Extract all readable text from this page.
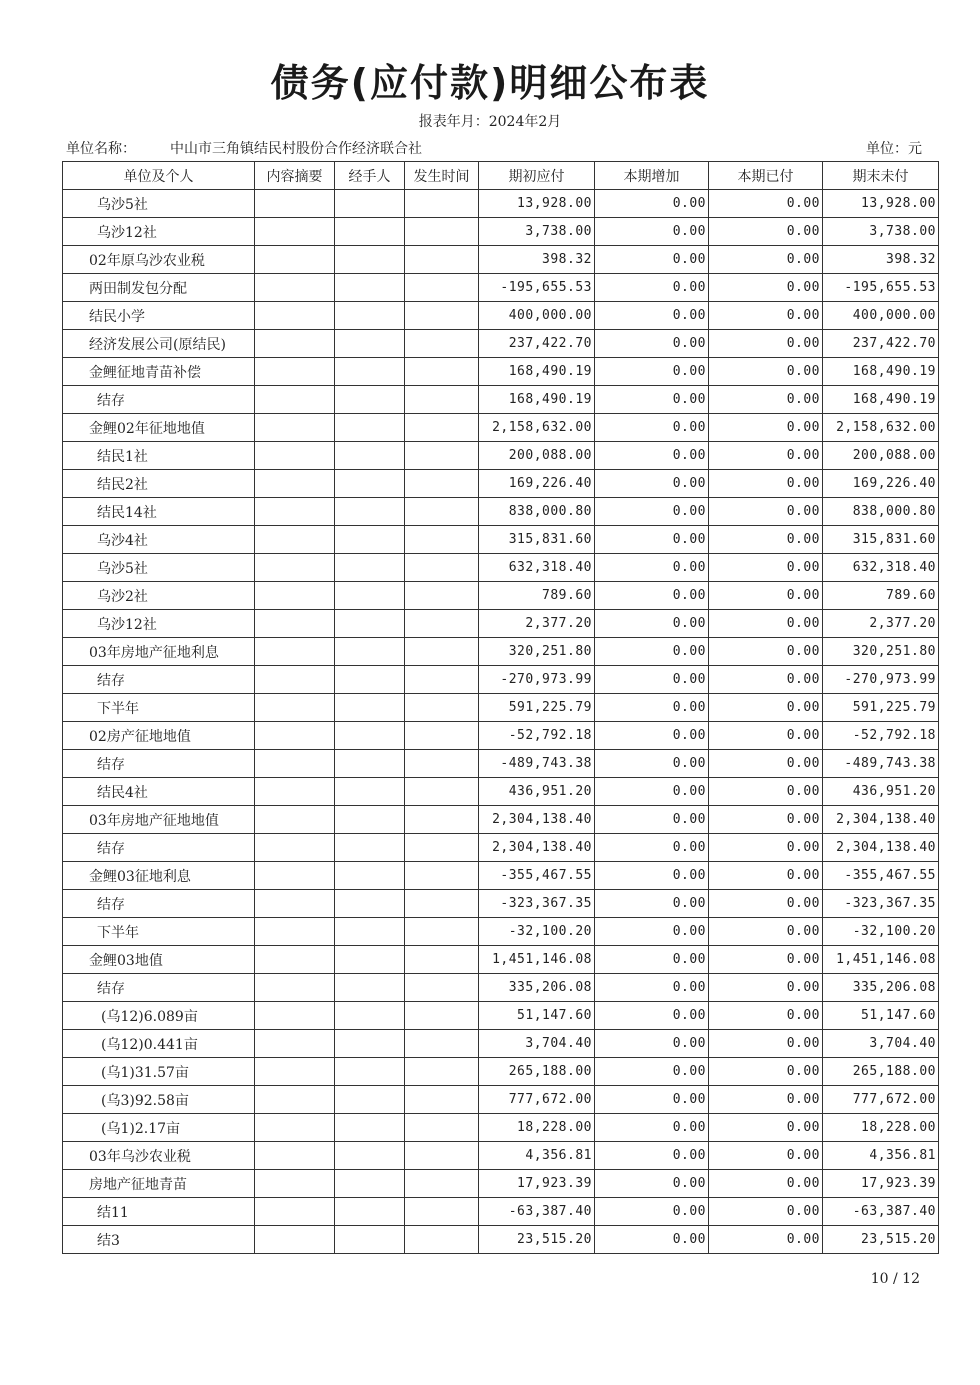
债务(应付款)明细公布表
报表年月：2024年2月
单位名称： 中山市三角镇结民村股份合作经济联合社	单位：元
单位及个人	内容摘要	经手人	发生时间	期初应付	本期增加	本期已付	期末未付
乌沙5社				13,928.00	0.00	0.00	13,928.00
乌沙12社				3,738.00	0.00	0.00	3,738.00
02年原乌沙农业税				398.32	0.00	0.00	398.32
两田制发包分配				-195,655.53	0.00	0.00	-195,655.53
结民小学				400,000.00	0.00	0.00	400,000.00
经济发展公司(原结民)				237,422.70	0.00	0.00	237,422.70
金鲤征地青苗补偿				168,490.19	0.00	0.00	168,490.19
结存				168,490.19	0.00	0.00	168,490.19
金鲤02年征地地值				2,158,632.00	0.00	0.00	2,158,632.00
结民1社				200,088.00	0.00	0.00	200,088.00
结民2社				169,226.40	0.00	0.00	169,226.40
结民14社				838,000.80	0.00	0.00	838,000.80
乌沙4社				315,831.60	0.00	0.00	315,831.60
乌沙5社				632,318.40	0.00	0.00	632,318.40
乌沙2社				789.60	0.00	0.00	789.60
乌沙12社				2,377.20	0.00	0.00	2,377.20
03年房地产征地利息				320,251.80	0.00	0.00	320,251.80
结存				-270,973.99	0.00	0.00	-270,973.99
下半年				591,225.79	0.00	0.00	591,225.79
02房产征地地值				-52,792.18	0.00	0.00	-52,792.18
结存				-489,743.38	0.00	0.00	-489,743.38
结民4社				436,951.20	0.00	0.00	436,951.20
03年房地产征地地值				2,304,138.40	0.00	0.00	2,304,138.40
结存				2,304,138.40	0.00	0.00	2,304,138.40
金鲤03征地利息				-355,467.55	0.00	0.00	-355,467.55
结存				-323,367.35	0.00	0.00	-323,367.35
下半年				-32,100.20	0.00	0.00	-32,100.20
金鲤03地值				1,451,146.08	0.00	0.00	1,451,146.08
结存				335,206.08	0.00	0.00	335,206.08
(乌12)6.089亩				51,147.60	0.00	0.00	51,147.60
(乌12)0.441亩				3,704.40	0.00	0.00	3,704.40
(乌1)31.57亩				265,188.00	0.00	0.00	265,188.00
(乌3)92.58亩				777,672.00	0.00	0.00	777,672.00
(乌1)2.17亩				18,228.00	0.00	0.00	18,228.00
03年乌沙农业税				4,356.81	0.00	0.00	4,356.81
房地产征地青苗				17,923.39	0.00	0.00	17,923.39
结11				-63,387.40	0.00	0.00	-63,387.40
结3				23,515.20	0.00	0.00	23,515.20
10 / 12
